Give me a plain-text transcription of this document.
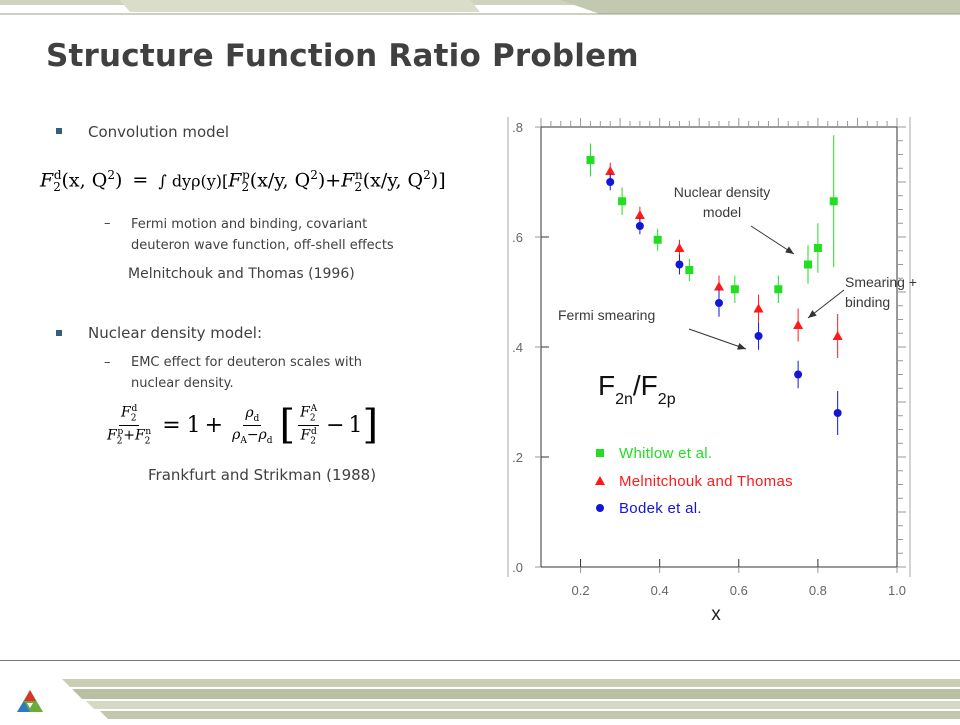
Structure Function Ratio Problem
Convolution model
$F_2^d(x$, $Q^2$) = ∫ $dy\rho(y)[F_2^p(x/y$, $Q^2)+F_2^n(x/y$, $Q^2$)]
– Fermi motion and binding, covariant
deuteron wave function, off-shell effects
Melnitchouk and Thomas (1996)
Nuclear density model:
– EMC effect for deuteron scales with
nuclear density.
$\frac{F_2^d}{F_2^p+F_2^n} = 1 + \frac{\rho_d}{\rho_A-\rho_d}$ [ $\frac{F_2^A}{F_2^d} - 1$ ]
Frankfurt and Strikman (1988)
0.2	0.4	0.6	0.8	1.0
.0
.2
.4
.6
.8
x
$F_{2n}/F_{2p}$
Whitlow et al.
Melnitchouk and Thomas
Bodek et al.
Nuclear density
model
Smearing +
binding
Fermi smearing
